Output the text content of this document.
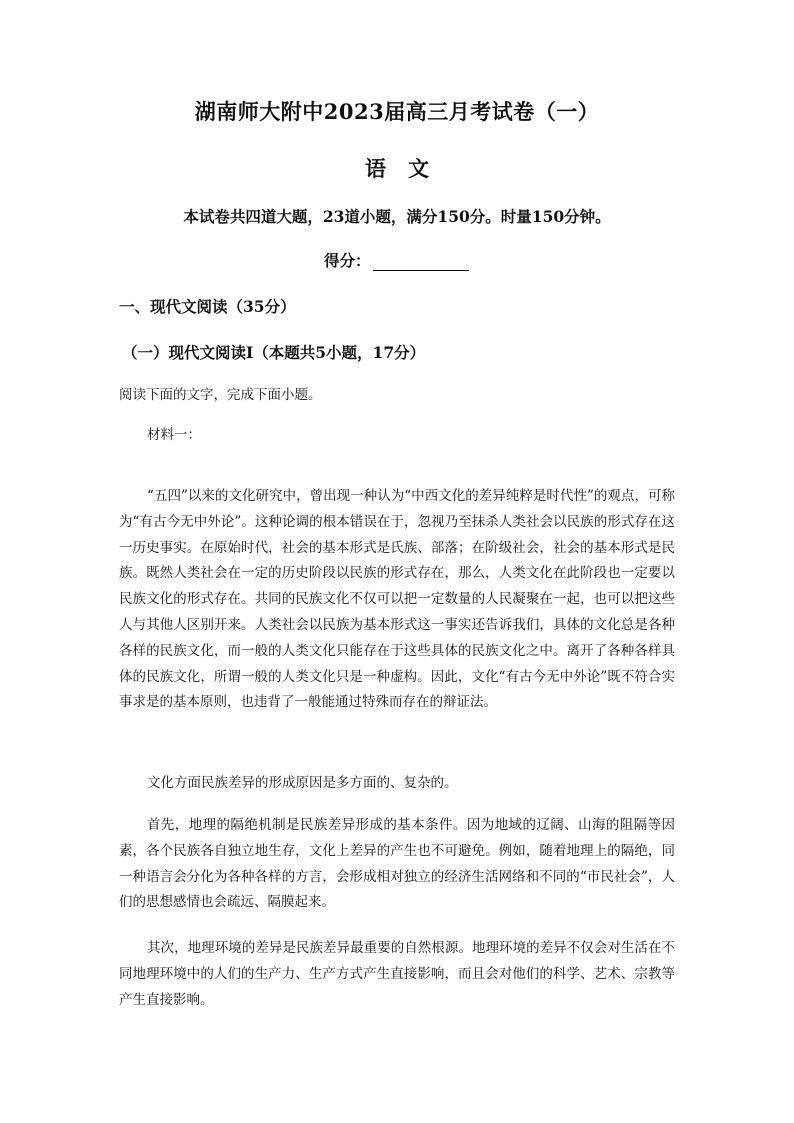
湖南师大附中2023届高三月考试卷（一）
语文
本试卷共四道大题，23道小题，满分150分。时量150分钟。
得分：
一、现代文阅读（35分）
（一）现代文阅读Ⅰ（本题共5小题，17分）
阅读下面的文字，完成下面小题。

材料一：

“五四”以来的文化研究中，曾出现一种认为“中西文化的差异纯粹是时代性”的观点，可称为“有古今无中外论”。这种论调的根本错误在于，忽视乃至抹杀人类社会以民族的形式存在这一历史事实。在原始时代，社会的基本形式是氏族、部落；在阶级社会，社会的基本形式是民族。既然人类社会在一定的历史阶段以民族的形式存在，那么，人类文化在此阶段也一定要以民族文化的形式存在。共同的民族文化不仅可以把一定数量的人民凝聚在一起，也可以把这些人与其他人区别开来。人类社会以民族为基本形式这一事实还告诉我们，具体的文化总是各种各样的民族文化，而一般的人类文化只能存在于这些具体的民族文化之中。离开了各种各样具体的民族文化，所谓一般的人类文化只是一种虚构。因此，文化“有古今无中外论”既不符合实事求是的基本原则，也违背了一般能通过特殊而存在的辩证法。

文化方面民族差异的形成原因是多方面的、复杂的。

首先，地理的隔绝机制是民族差异形成的基本条件。因为地域的辽阔、山海的阻隔等因素，各个民族各自独立地生存，文化上差异的产生也不可避免。例如，随着地理上的隔绝，同一种语言会分化为各种各样的方言，会形成相对独立的经济生活网络和不同的“市民社会”，人们的思想感情也会疏远、隔膜起来。

其次，地理环境的差异是民族差异最重要的自然根源。地理环境的差异不仅会对生活在不同地理环境中的人们的生产力、生产方式产生直接影响，而且会对他们的科学、艺术、宗教等产生直接影响。
